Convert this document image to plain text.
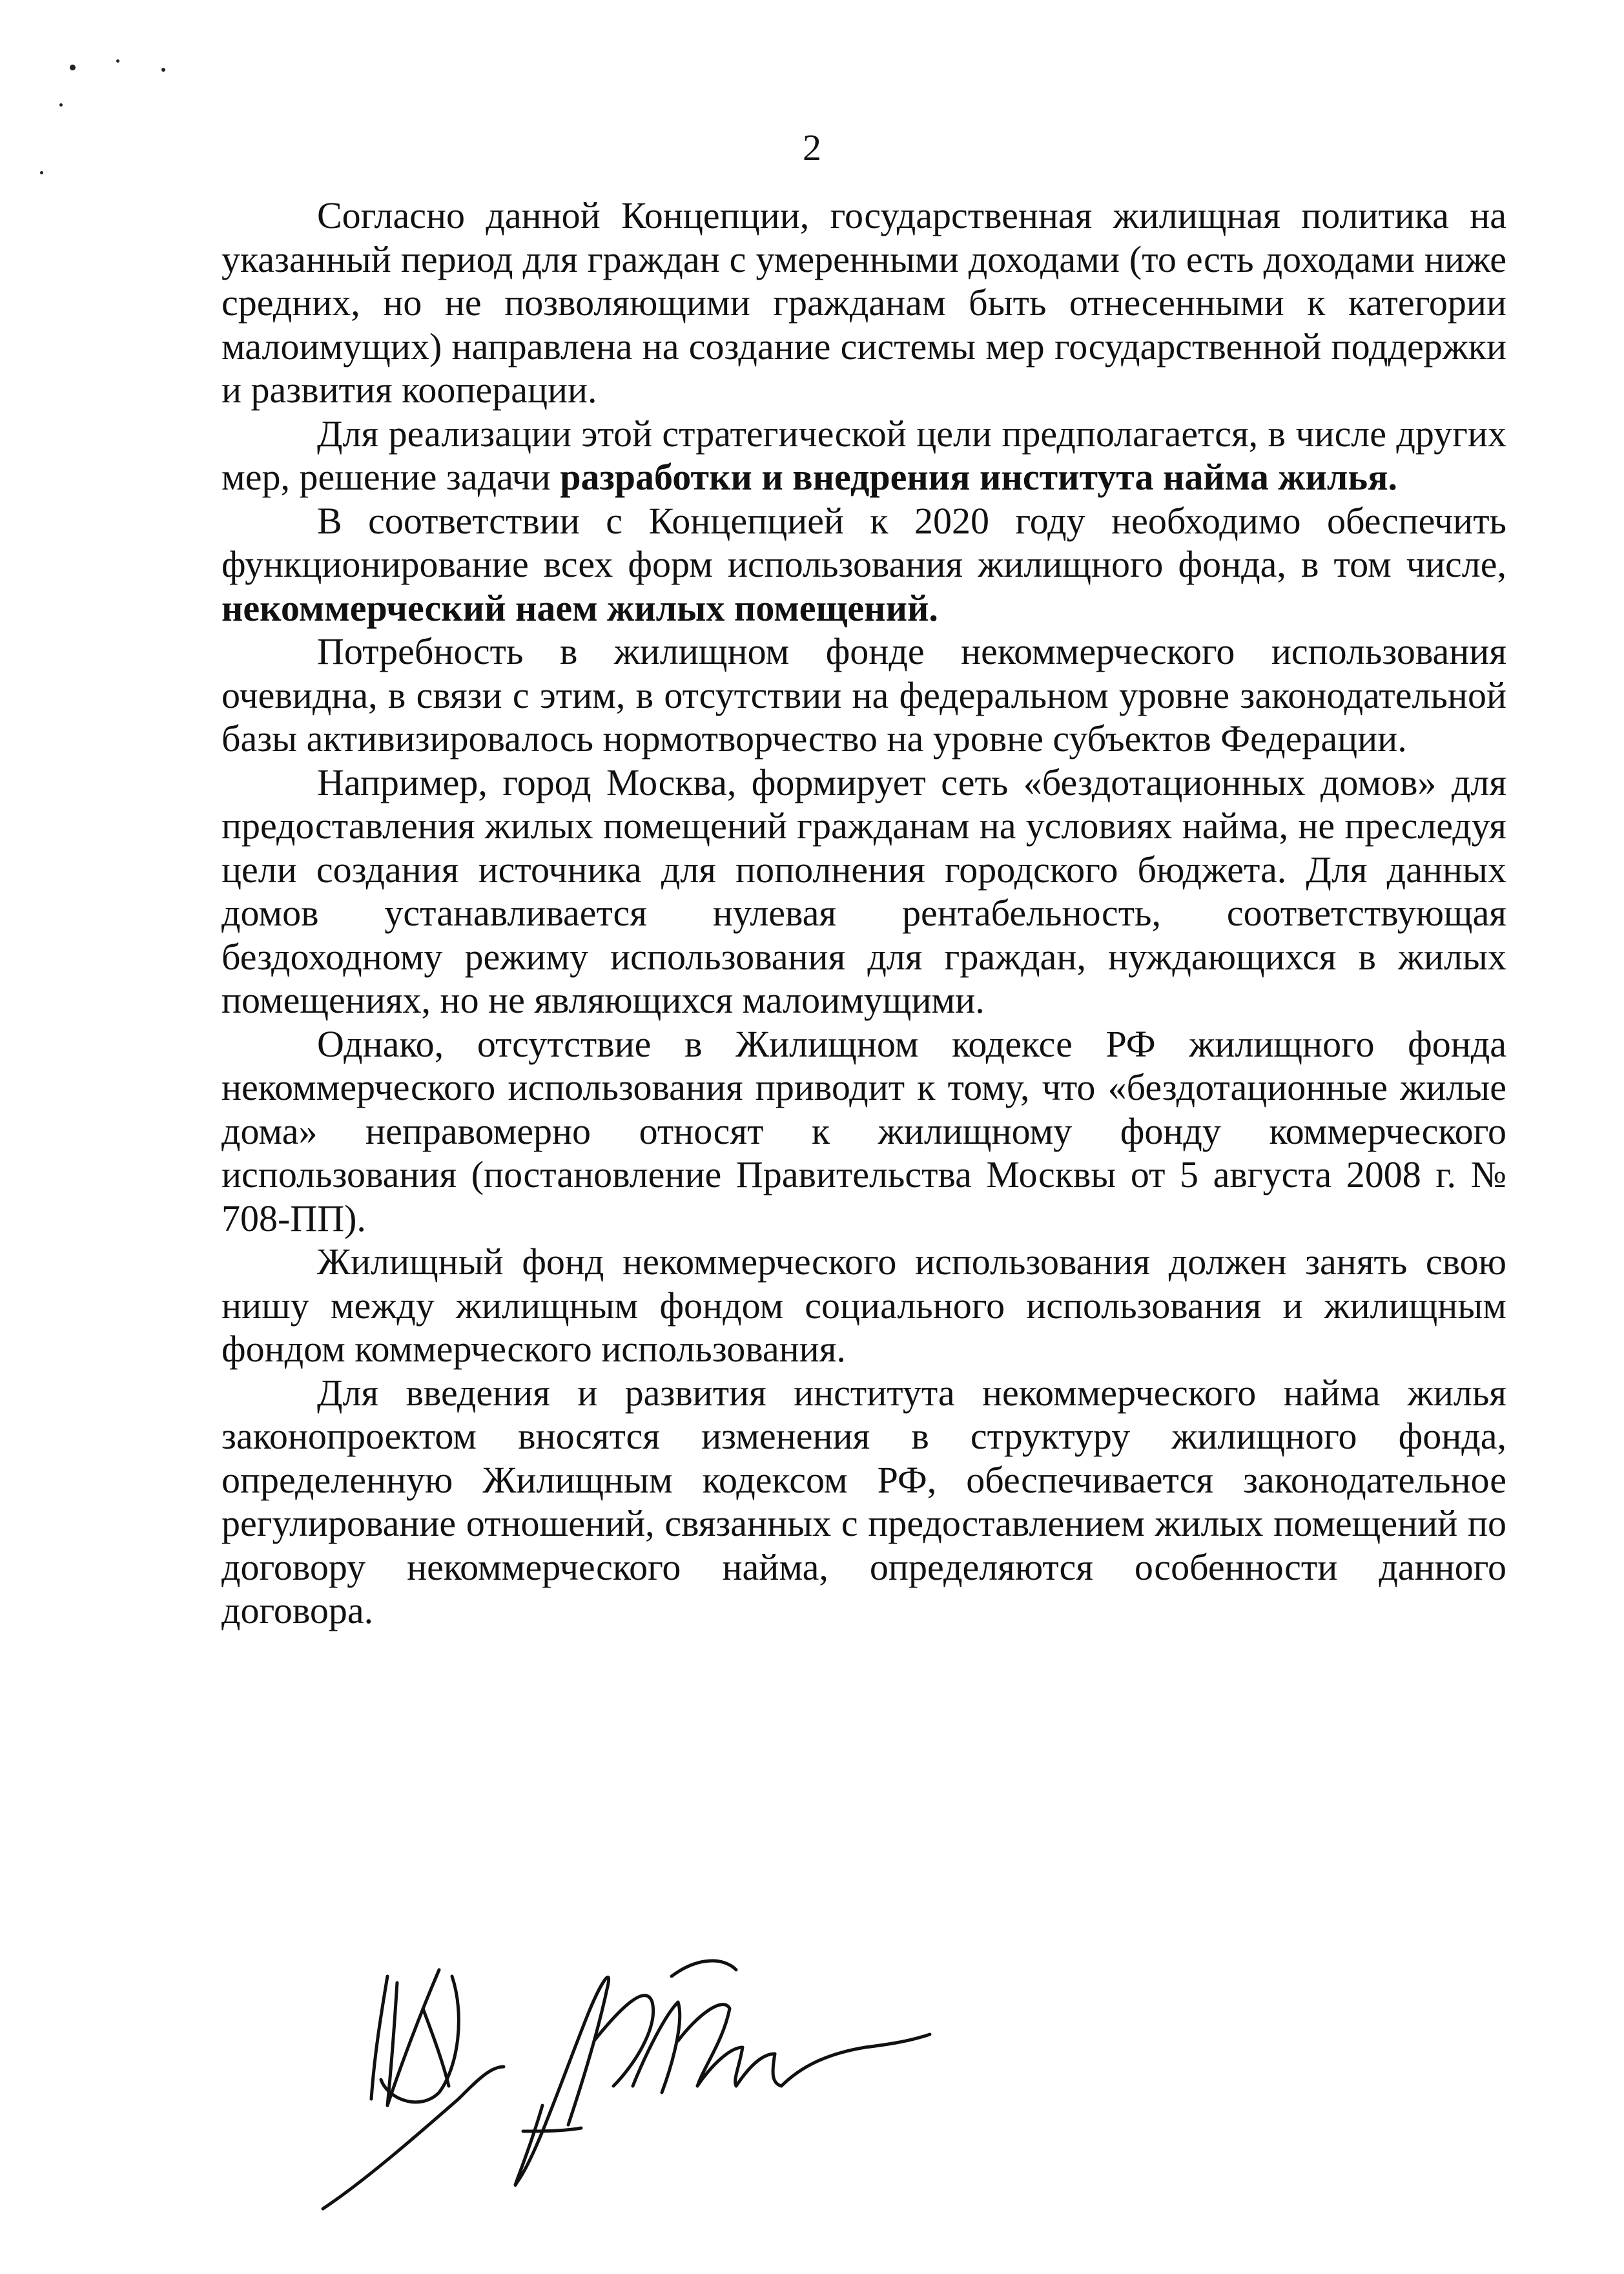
2

Согласно данной Концепции, государственная жилищная политика на указанный период для граждан с умеренными доходами (то есть доходами ниже средних, но не позволяющими гражданам быть отнесенными к категории малоимущих) направлена на создание системы мер государственной поддержки и развития кооперации.

Для реализации этой стратегической цели предполагается, в числе других мер, решение задачи разработки и внедрения института найма жилья.

В соответствии с Концепцией к 2020 году необходимо обеспечить функционирование всех форм использования жилищного фонда, в том числе, некоммерческий наем жилых помещений.

Потребность в жилищном фонде некоммерческого использования очевидна, в связи с этим, в отсутствии на федеральном уровне законодательной базы активизировалось нормотворчество на уровне субъектов Федерации.

Например, город Москва, формирует сеть «бездотационных домов» для предоставления жилых помещений гражданам на условиях найма, не преследуя цели создания источника для пополнения городского бюджета. Для данных домов устанавливается нулевая рентабельность, соответствующая бездоходному режиму использования для граждан, нуждающихся в жилых помещениях, но не являющихся малоимущими.

Однако, отсутствие в Жилищном кодексе РФ жилищного фонда некоммерческого использования приводит к тому, что «бездотационные жилые дома» неправомерно относят к жилищному фонду коммерческого использования (постановление Правительства Москвы от 5 августа 2008 г. № 708-ПП).

Жилищный фонд некоммерческого использования должен занять свою нишу между жилищным фондом социального использования и жилищным фондом коммерческого использования.

Для введения и развития института некоммерческого найма жилья законопроектом вносятся изменения в структуру жилищного фонда, определенную Жилищным кодексом РФ, обеспечивается законодательное регулирование отношений, связанных с предоставлением жилых помещений по договору некоммерческого найма, определяются особенности данного договора.
